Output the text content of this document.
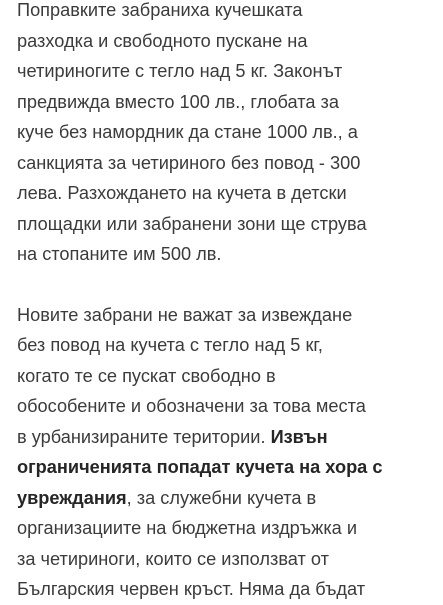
Поправките забраниха кучешката
разходка и свободното пускане на
четириногите с тегло над 5 кг. Законът
предвижда вместо 100 лв., глобата за
куче без намордник да стане 1000 лв., а
санкцията за четириного без повод - 300
лева. Разхождането на кучета в детски
площадки или забранени зони ще струва
на стопаните им 500 лв.
Новите забрани не важат за извеждане
без повод на кучета с тегло над 5 кг,
когато те се пускат свободно в
обособените и обозначени за това места
в урбанизираните територии. Извън
ограниченията попадат кучета на хора с
увреждания, за служебни кучета в
организациите на бюджетна издръжка и
за четириноги, които се използват от
Българския червен кръст. Няма да бъдат
